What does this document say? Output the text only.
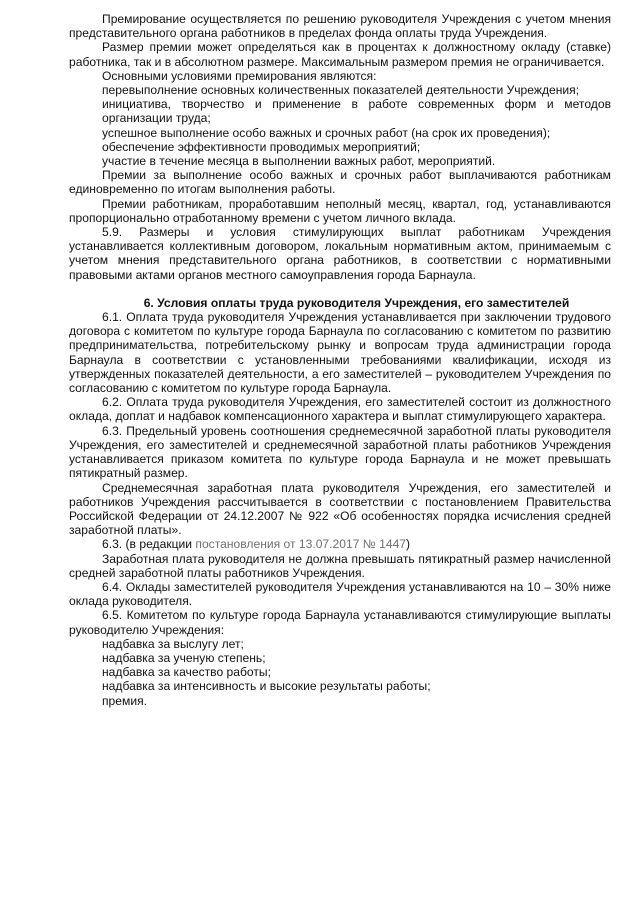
Премирование осуществляется по решению руководителя Учреждения с учетом мнения представительного органа работников в пределах фонда оплаты труда Учреждения.

Размер премии может определяться как в процентах к должностному окладу (ставке) работника, так и в абсолютном размере. Максимальным размером премия не ограничивается.

Основными условиями премирования являются:

перевыполнение основных количественных показателей деятельности Учреждения;

инициатива, творчество и применение в работе современных форм и методов организации труда;

успешное выполнение особо важных и срочных работ (на срок их проведения);

обеспечение эффективности проводимых мероприятий;

участие в течение месяца в выполнении важных работ, мероприятий.

Премии за выполнение особо важных и срочных работ выплачиваются работникам единовременно по итогам выполнения работы.

Премии работникам, проработавшим неполный месяц, квартал, год, устанавливаются пропорционально отработанному времени с учетом личного вклада.

5.9. Размеры и условия стимулирующих выплат работникам Учреждения устанавливается коллективным договором, локальным нормативным актом, принимаемым с учетом мнения представительного органа работников, в соответствии с нормативными правовыми актами органов местного самоуправления города Барнаула.

6. Условия оплаты труда руководителя Учреждения, его заместителей

6.1. Оплата труда руководителя Учреждения устанавливается при заключении трудового договора с комитетом по культуре города Барнаула по согласованию с комитетом по развитию предпринимательства, потребительскому рынку и вопросам труда администрации города Барнаула в соответствии с установленными требованиями квалификации, исходя из утвержденных показателей деятельности, а его заместителей – руководителем Учреждения по согласованию с комитетом по культуре города Барнаула.

6.2. Оплата труда руководителя Учреждения, его заместителей состоит из должностного оклада, доплат и надбавок компенсационного характера и выплат стимулирующего характера.

6.3. Предельный уровень соотношения среднемесячной заработной платы руководителя Учреждения, его заместителей и среднемесячной заработной платы работников Учреждения устанавливается приказом комитета по культуре города Барнаула и не может превышать пятикратный размер.

Среднемесячная заработная плата руководителя Учреждения, его заместителей и работников Учреждения рассчитывается в соответствии с постановлением Правительства Российской Федерации от 24.12.2007 № 922 «Об особенностях порядка исчисления средней заработной платы».

6.3. (в редакции постановления от 13.07.2017 № 1447)

Заработная плата руководителя не должна превышать пятикратный размер начисленной средней заработной платы работников Учреждения.

6.4. Оклады заместителей руководителя Учреждения устанавливаются на 10 – 30% ниже оклада руководителя.

6.5. Комитетом по культуре города Барнаула устанавливаются стимулирующие выплаты руководителю Учреждения:

надбавка за выслугу лет;

надбавка за ученую степень;

надбавка за качество работы;

надбавка за интенсивность и высокие результаты работы;

премия.
